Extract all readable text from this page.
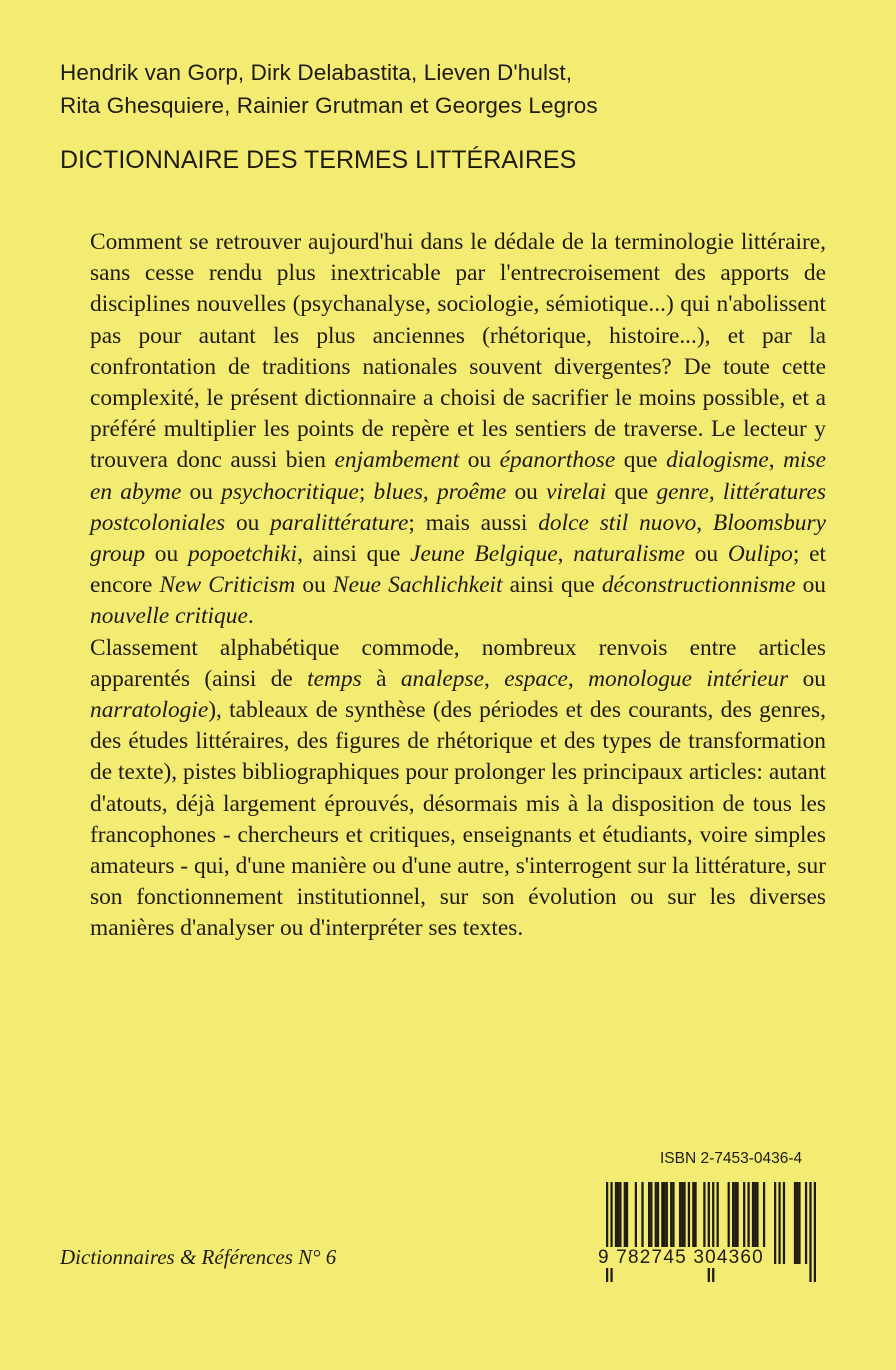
Hendrik van Gorp, Dirk Delabastita, Lieven D'hulst,
Rita Ghesquiere, Rainier Grutman et Georges Legros
DICTIONNAIRE DES TERMES LITTÉRAIRES

Comment se retrouver aujourd'hui dans le dédale de la terminologie littéraire, sans cesse rendu plus inextricable par l'entrecroisement des apports de disciplines nouvelles (psychanalyse, sociologie, sémiotique...) qui n'abolissent pas pour autant les plus anciennes (rhétorique, histoire...), et par la confrontation de traditions nationales souvent divergentes? De toute cette complexité, le présent dictionnaire a choisi de sacrifier le moins possible, et a préféré multiplier les points de repère et les sentiers de traverse. Le lecteur y trouvera donc aussi bien enjambement ou épanorthose que dialogisme, mise en abyme ou psychocritique; blues, proême ou virelai que genre, littératures postcoloniales ou paralittérature; mais aussi dolce stil nuovo, Bloomsbury group ou popoetchiki, ainsi que Jeune Belgique, naturalisme ou Oulipo; et encore New Criticism ou Neue Sachlichkeit ainsi que déconstructionnisme ou nouvelle critique.

Classement alphabétique commode, nombreux renvois entre articles apparentés (ainsi de temps à analepse, espace, monologue intérieur ou narratologie), tableaux de synthèse (des périodes et des courants, des genres, des études littéraires, des figures de rhétorique et des types de transformation de texte), pistes bibliographiques pour prolonger les principaux articles: autant d'atouts, déjà largement éprouvés, désormais mis à la disposition de tous les francophones - chercheurs et critiques, enseignants et étudiants, voire simples amateurs - qui, d'une manière ou d'une autre, s'interrogent sur la littérature, sur son fonctionnement institutionnel, sur son évolution ou sur les diverses manières d'analyser ou d'interpréter ses textes.

ISBN 2-7453-0436-4
9 782745 304360
Dictionnaires & Références N° 6
